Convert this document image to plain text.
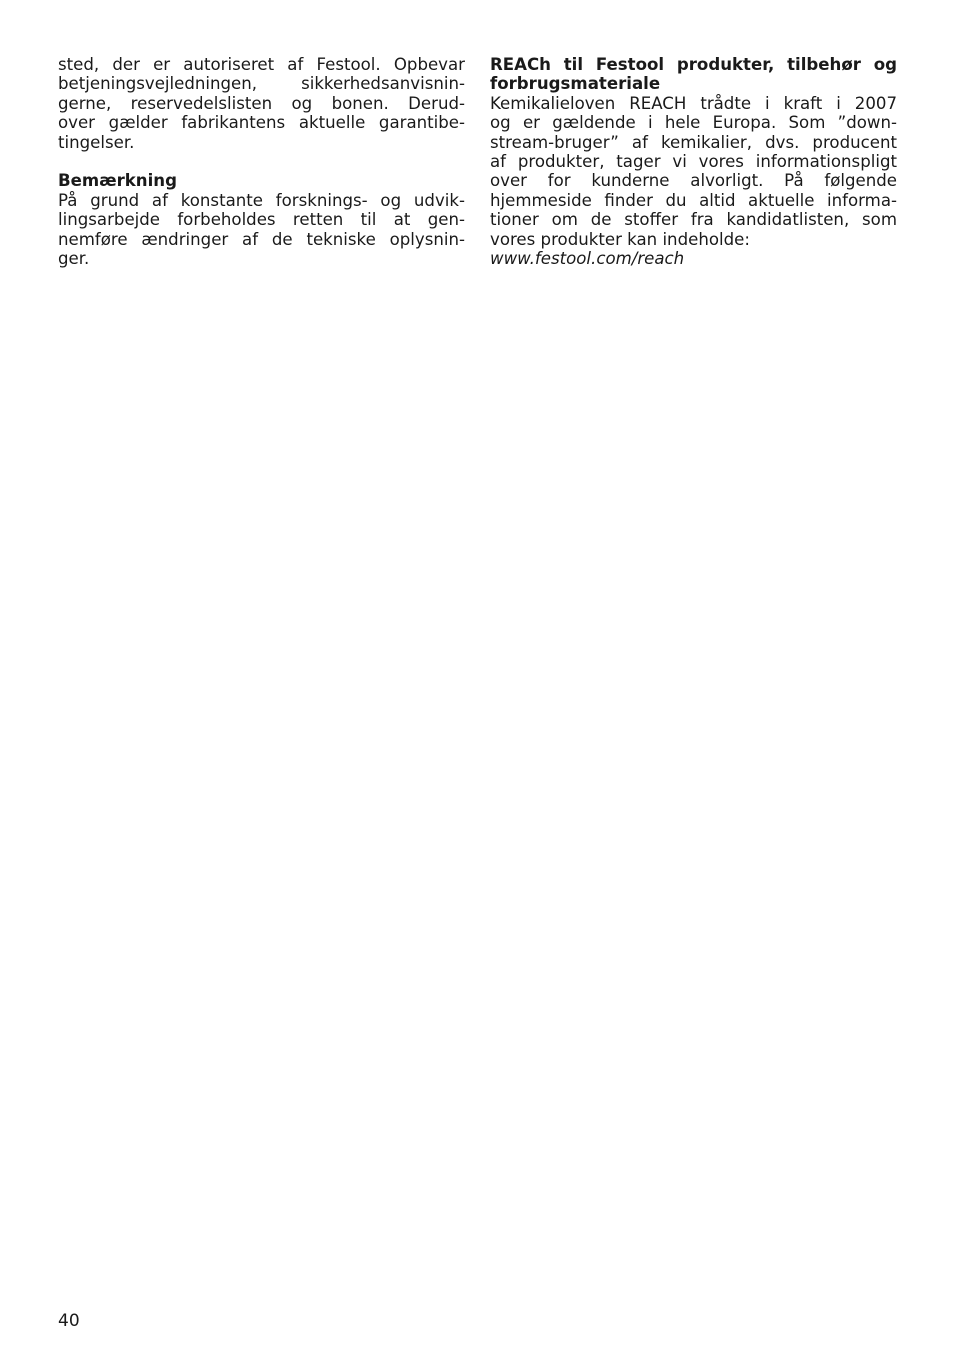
sted, der er autoriseret af Festool. Opbevar
betjeningsvejledningen, sikkerhedsanvisnin-
gerne, reservedelslisten og bonen. Derud-
over gælder fabrikantens aktuelle garantibe-
tingelser.

Bemærkning

På grund af konstante forsknings- og udvik-
lingsarbejde forbeholdes retten til at gen-
nemføre ændringer af de tekniske oplysnin-
ger.

REACh til Festool produkter, tilbehør og
forbrugsmateriale

Kemikalieloven REACH trådte i kraft i 2007
og er gældende i hele Europa. Som ”down-
stream-bruger” af kemikalier, dvs. producent
af produkter, tager vi vores informationspligt
over for kunderne alvorligt. På følgende
hjemmeside finder du altid aktuelle informa-
tioner om de stoffer fra kandidatlisten, som
vores produkter kan indeholde:

www.festool.com/reach
40
